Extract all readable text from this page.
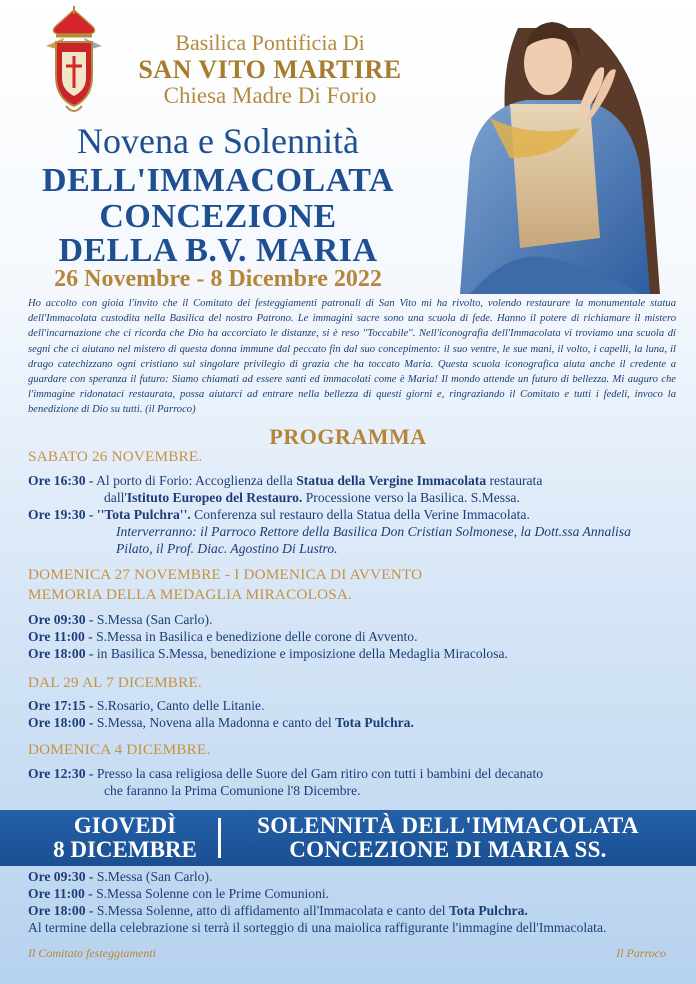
Basilica Pontificia Di
SAN VITO MARTIRE
Chiesa Madre Di Forio
Novena e Solennità
DELL'IMMACOLATA
CONCEZIONE
DELLA B.V. MARIA
26 Novembre - 8 Dicembre 2022
Ho accolto con gioia l'invito che il Comitato dei festeggiamenti patronali di San Vito mi ha rivolto, volendo restaurare la monumentale statua dell'Immacolata custodita nella Basilica del nostro Patrono. Le immagini sacre sono una scuola di fede. Hanno il potere di richiamare il mistero dell'incarnazione che ci ricorda che Dio ha accorciato le distanze, si è reso ''Toccabile''. Nell'iconografia dell'Immacolata vi troviamo una scuola di segni che ci aiutano nel mistero di questa donna immune dal peccato fin dal suo concepimento: il suo ventre, le sue mani, il volto, i capelli, la luna, il drago catechizzano ogni cristiano sul singolare privilegio di grazia che ha toccato Maria. Questa scuola iconografica aiuta anche il credente a guardare con speranza il futuro: Siamo chiamati ad essere santi ed immacolati come è Maria! Il mondo attende un futuro di bellezza. Mi auguro che l'immagine ridonataci restaurata, possa aiutarci ad entrare nella bellezza di questi giorni e, ringraziando il Comitato e tutti i fedeli, invoco la benedizione di Dio su tutti. (il Parroco)
PROGRAMMA
SABATO 26 NOVEMBRE.
Ore 16:30 - Al porto di Forio: Accoglienza della Statua della Vergine Immacolata restaurata
dall'Istituto Europeo del Restauro. Processione verso la Basilica. S.Messa.
Ore 19:30 - ''Tota Pulchra''. Conferenza sul restauro della Statua della Verine Immacolata.
Interverranno: il Parroco Rettore della Basilica Don Cristian Solmonese, la Dott.ssa Annalisa
Pilato, il Prof. Diac. Agostino Di Lustro.
DOMENICA 27 NOVEMBRE - I DOMENICA DI AVVENTO
MEMORIA DELLA MEDAGLIA MIRACOLOSA.
Ore 09:30 - S.Messa (San Carlo).
Ore 11:00 - S.Messa in Basilica e benedizione delle corone di Avvento.
Ore 18:00 - in Basilica S.Messa, benedizione e imposizione della Medaglia Miracolosa.
DAL 29 AL 7 DICEMBRE.
Ore 17:15 - S.Rosario, Canto delle Litanie.
Ore 18:00 - S.Messa, Novena alla Madonna e canto del Tota Pulchra.
DOMENICA 4 DICEMBRE.
Ore 12:30 - Presso la casa religiosa delle Suore del Gam ritiro con tutti i bambini del decanato
che faranno la Prima Comunione l'8 Dicembre.
GIOVEDÌ
8 DICEMBRE
SOLENNITÀ DELL'IMMACOLATA
CONCEZIONE DI MARIA SS.
Ore 09:30 - S.Messa (San Carlo).
Ore 11:00 - S.Messa Solenne con le Prime Comunioni.
Ore 18:00 - S.Messa Solenne, atto di affidamento all'Immacolata e canto del Tota Pulchra.
Al termine della celebrazione si terrà il sorteggio di una maiolica raffigurante l'immagine dell'Immacolata.
Il Comitato festeggiamenti	Il Parroco
